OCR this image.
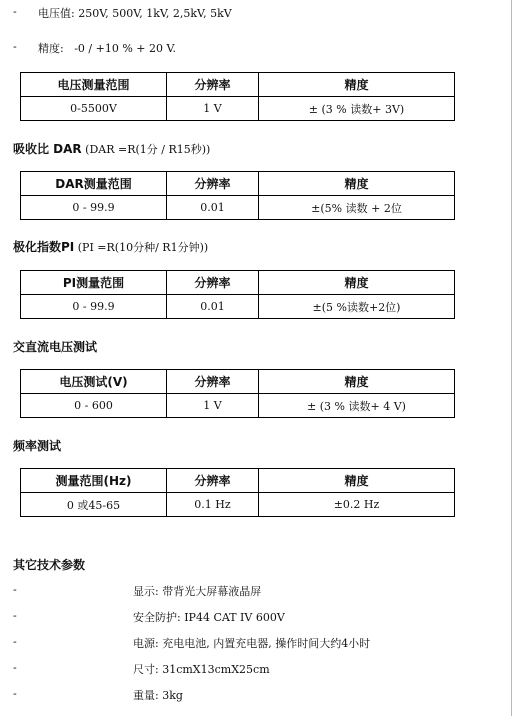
- 电压值: 250V, 500V, 1kV, 2,5kV, 5kV
- 精度:   -0 / +10 % + 20 V.
电压测量范围	分辨率	精度
0-5500V	1 V	± (3 % 读数+ 3V)
吸收比 DAR (DAR =R(1分 / R15秒))
DAR测量范围	分辨率	精度
0 - 99.9	0.01	±(5% 读数 + 2位
极化指数PI (PI =R(10分种/ R1分钟))
PI测量范围	分辨率	精度
0 - 99.9	0.01	±(5 %读数+2位)
交直流电压测试
电压测试(V)	分辨率	精度
0 - 600	1 V	± (3 % 读数+ 4 V)
频率测试
测量范围(Hz)	分辨率	精度
0 或45-65	0.1 Hz	±0.2 Hz
其它技术参数
-	显示: 带背光大屏幕液晶屏
-	安全防护: IP44 CAT IV 600V
-	电源: 充电电池, 内置充电器, 操作时间大约4小时
-	尺寸: 31cmX13cmX25cm
-	重量: 3kg
